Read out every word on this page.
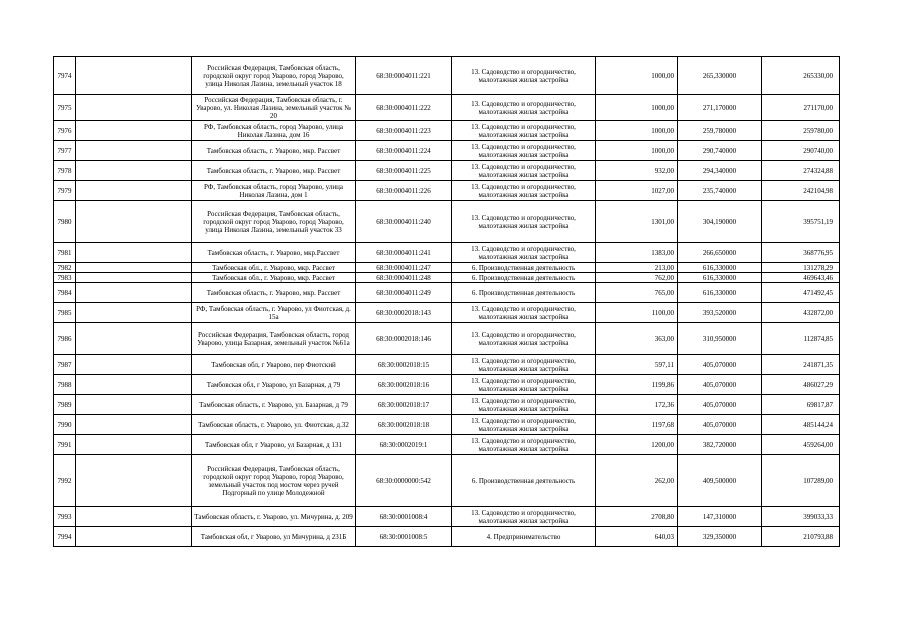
7974		Российская Федерация, Тамбовская область, городской округ город Уварово, город Уварово, улица Николая Лазина, земельный участок 18	68:30:0004011:221	13. Садоводство и огородничество, малоэтажная жилая застройка	1000,00	265,330000	265330,00
7975		Российская Федерация, Тамбовская область, г. Уварово, ул. Николая Лазина, земельный участок № 20	68:30:0004011:222	13. Садоводство и огородничество, малоэтажная жилая застройка	1000,00	271,170000	271170,00
7976		РФ, Тамбовская область, город Уварово, улица Николая Лазина, дом 16	68:30:0004011:223	13. Садоводство и огородничество, малоэтажная жилая застройка	1000,00	259,780000	259780,00
7977		Тамбовская область, г. Уварово, мкр. Рассвет	68:30:0004011:224	13. Садоводство и огородничество, малоэтажная жилая застройка	1000,00	290,740000	290740,00
7978		Тамбовская область, г. Уварово, мкр. Рассвет	68:30:0004011:225	13. Садоводство и огородничество, малоэтажная жилая застройка	932,00	294,340000	274324,88
7979		РФ, Тамбовская область, город Уварово, улица Николая Лазина, дом 1	68:30:0004011:226	13. Садоводство и огородничество, малоэтажная жилая застройка	1027,00	235,740000	242104,98
7980		Российская Федерация, Тамбовская область, городской округ город Уварово, город Уварово, улица Николая Лазина, земельный участок 33	68:30:0004011:240	13. Садоводство и огородничество, малоэтажная жилая застройка	1301,00	304,190000	395751,19
7981		Тамбовская область, г. Уварово, мкр.Рассвет	68:30:0004011:241	13. Садоводство и огородничество, малоэтажная жилая застройка	1383,00	266,650000	368776,95
7982		Тамбовская обл., г. Уварово, мкр. Рассвет	68:30:0004011:247	6. Производственная деятельность	213,00	616,330000	131278,29
7983		Тамбовская обл., г. Уварово, мкр. Рассвет	68:30:0004011:248	6. Производственная деятельность	762,00	616,330000	469643,46
7984		Тамбовская область, г. Уварово, мкр. Рассвет	68:30:0004011:249	6. Производственная деятельность	765,00	616,330000	471492,45
7985		РФ, Тамбовская область, г. Уварово, ул Фиотская, д. 15а	68:30:0002018:143	13. Садоводство и огородничество, малоэтажная жилая застройка	1100,00	393,520000	432872,00
7986		Российская Федерация, Тамбовская область, город Уварово, улица Базарная, земельный участок №61а	68:30:0002018:146	13. Садоводство и огородничество, малоэтажная жилая застройка	363,00	310,950000	112874,85
7987		Тамбовская обл, г Уварово, пер Фиотский	68:30:0002018:15	13. Садоводство и огородничество, малоэтажная жилая застройка	597,11	405,070000	241871,35
7988		Тамбовская обл, г Уварово, ул Базарная, д 79	68:30:0002018:16	13. Садоводство и огородничество, малоэтажная жилая застройка	1199,86	405,070000	486027,29
7989		Тамбовская область, г. Уварово, ул. Базарная, д 79	68:30:0002018:17	13. Садоводство и огородничество, малоэтажная жилая застройка	172,36	405,070000	69817,87
7990		Тамбовская область, г. Уварово, ул. Фиотская, д.32	68:30:0002018:18	13. Садоводство и огородничество, малоэтажная жилая застройка	1197,68	405,070000	485144,24
7991		Тамбовская обл, г Уварово, ул Базарная, д 131	68:30:0002019:1	13. Садоводство и огородничество, малоэтажная жилая застройка	1200,00	382,720000	459264,00
7992		Российская Федерация, Тамбовская область, городской округ город Уварово, город Уварово, земельный участок под мостом через ручей Подгорный по улице Молодежной	68:30:0000000:542	6. Производственная деятельность	262,00	409,500000	107289,00
7993		Тамбовская область, г. Уварово, ул. Мичурина, д. 209	68:30:0001008:4	13. Садоводство и огородничество, малоэтажная жилая застройка	2708,80	147,310000	399033,33
7994		Тамбовская обл, г Уварово, ул Мичурина, д 231Б	68:30:0001008:5	4. Предпринимательство	640,03	329,350000	210793,88
